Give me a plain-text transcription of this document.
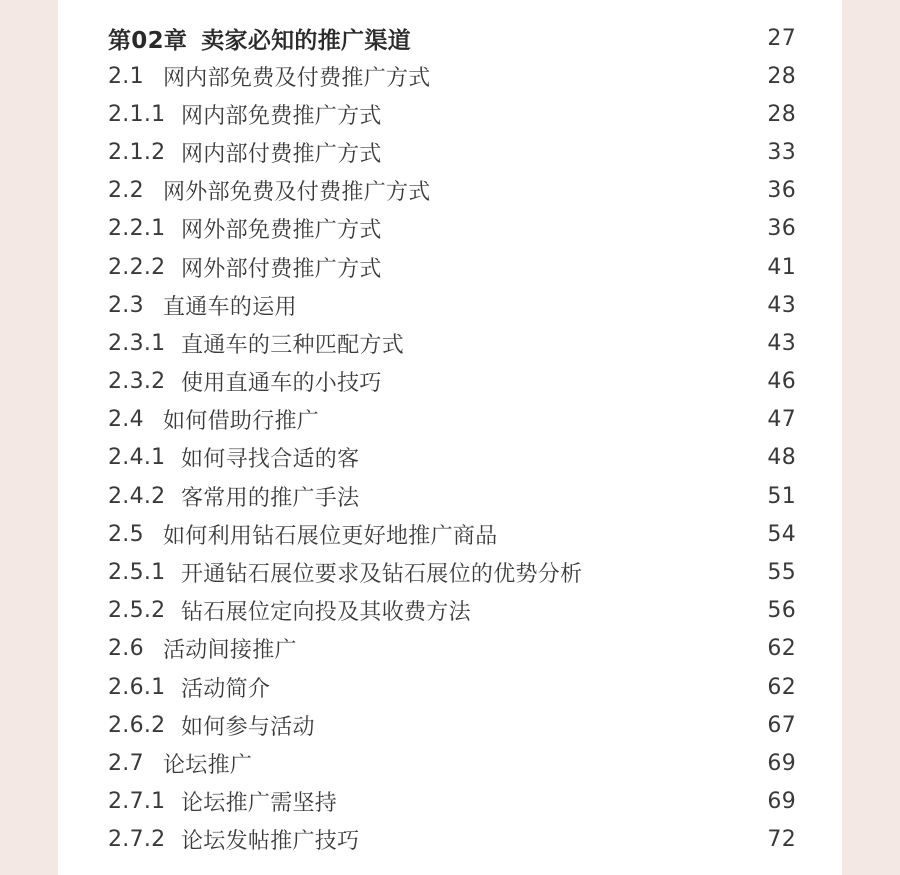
第02章 卖家必知的推广渠道	27
2.1 网内部免费及付费推广方式	28
2.1.1 网内部免费推广方式	28
2.1.2 网内部付费推广方式	33
2.2 网外部免费及付费推广方式	36
2.2.1 网外部免费推广方式	36
2.2.2 网外部付费推广方式	41
2.3 直通车的运用	43
2.3.1 直通车的三种匹配方式	43
2.3.2 使用直通车的小技巧	46
2.4 如何借助行推广	47
2.4.1 如何寻找合适的客	48
2.4.2 客常用的推广手法	51
2.5 如何利用钻石展位更好地推广商品	54
2.5.1 开通钻石展位要求及钻石展位的优势分析	55
2.5.2 钻石展位定向投及其收费方法	56
2.6 活动间接推广	62
2.6.1 活动简介	62
2.6.2 如何参与活动	67
2.7 论坛推广	69
2.7.1 论坛推广需坚持	69
2.7.2 论坛发帖推广技巧	72
